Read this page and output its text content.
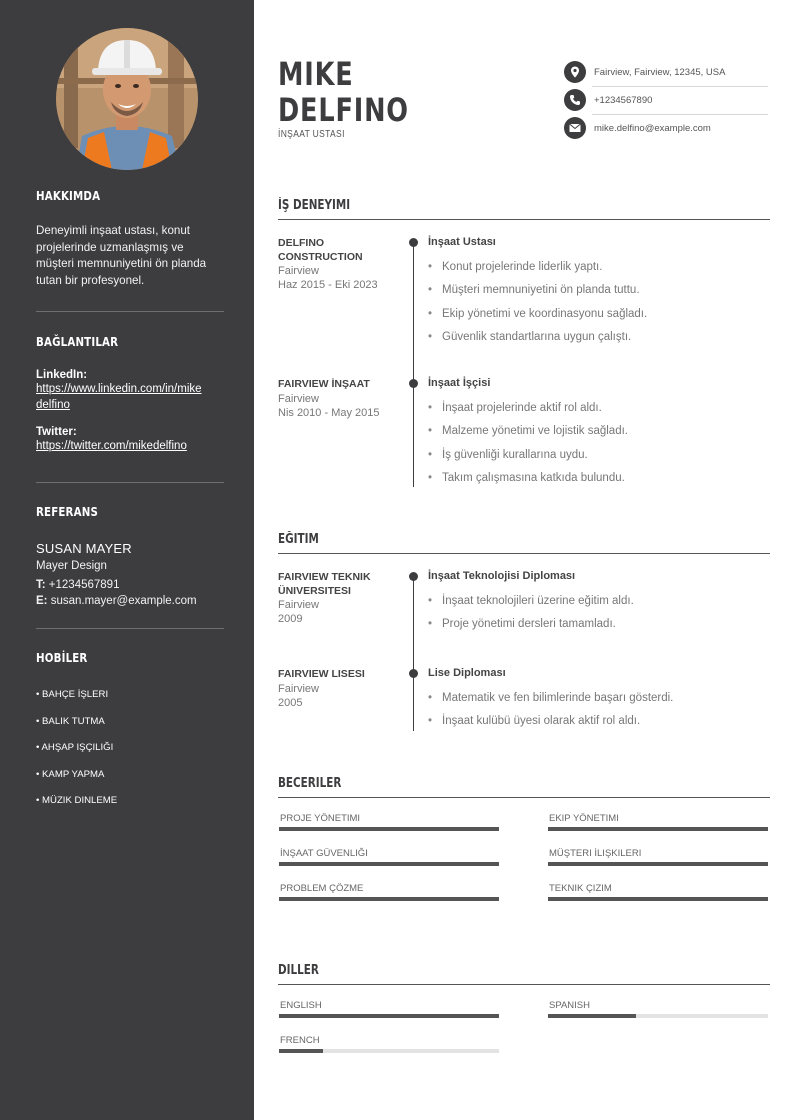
HAKKIMDA
Deneyimli inşaat ustası, konut projelerinde uzmanlaşmış ve müşteri memnuniyetini ön planda tutan bir profesyonel.
BAĞLANTILAR
LinkedIn:
https://www.linkedin.com/in/mike
delfino
Twitter:
https://twitter.com/mikedelfino
REFERANS
SUSAN MAYER
Mayer Design
T: +1234567891
E: susan.mayer@example.com
HOBİLER
• BAHÇE İŞLERI
• BALIK TUTMA
• AHŞAP IŞÇILIĞI
• KAMP YAPMA
• MÜZIK DINLEME
MIKE
DELFINO
İNŞAAT USTASI
Fairview, Fairview, 12345, USA
+1234567890
mike.delfino@example.com
İŞ DENEYIMI
DELFINO CONSTRUCTION
Fairview
Haz 2015 - Eki 2023
İnşaat Ustası
• Konut projelerinde liderlik yaptı.
• Müşteri memnuniyetini ön planda tuttu.
• Ekip yönetimi ve koordinasyonu sağladı.
• Güvenlik standartlarına uygun çalıştı.
FAIRVIEW İNŞAAT
Fairview
Nis 2010 - May 2015
İnşaat İşçisi
• İnşaat projelerinde aktif rol aldı.
• Malzeme yönetimi ve lojistik sağladı.
• İş güvenliği kurallarına uydu.
• Takım çalışmasına katkıda bulundu.
EĞITIM
FAIRVIEW TEKNIK ÜNIVERSITESI
Fairview
2009
İnşaat Teknolojisi Diploması
• İnşaat teknolojileri üzerine eğitim aldı.
• Proje yönetimi dersleri tamamladı.
FAIRVIEW LISESI
Fairview
2005
Lise Diploması
• Matematik ve fen bilimlerinde başarı gösterdi.
• İnşaat kulübü üyesi olarak aktif rol aldı.
BECERILER
PROJE YÖNETIMI	EKIP YÖNETIMI
İNŞAAT GÜVENLIĞI	MÜŞTERI İLIŞKILERI
PROBLEM ÇÖZME	TEKNIK ÇIZIM
DILLER
ENGLISH	SPANISH
FRENCH
